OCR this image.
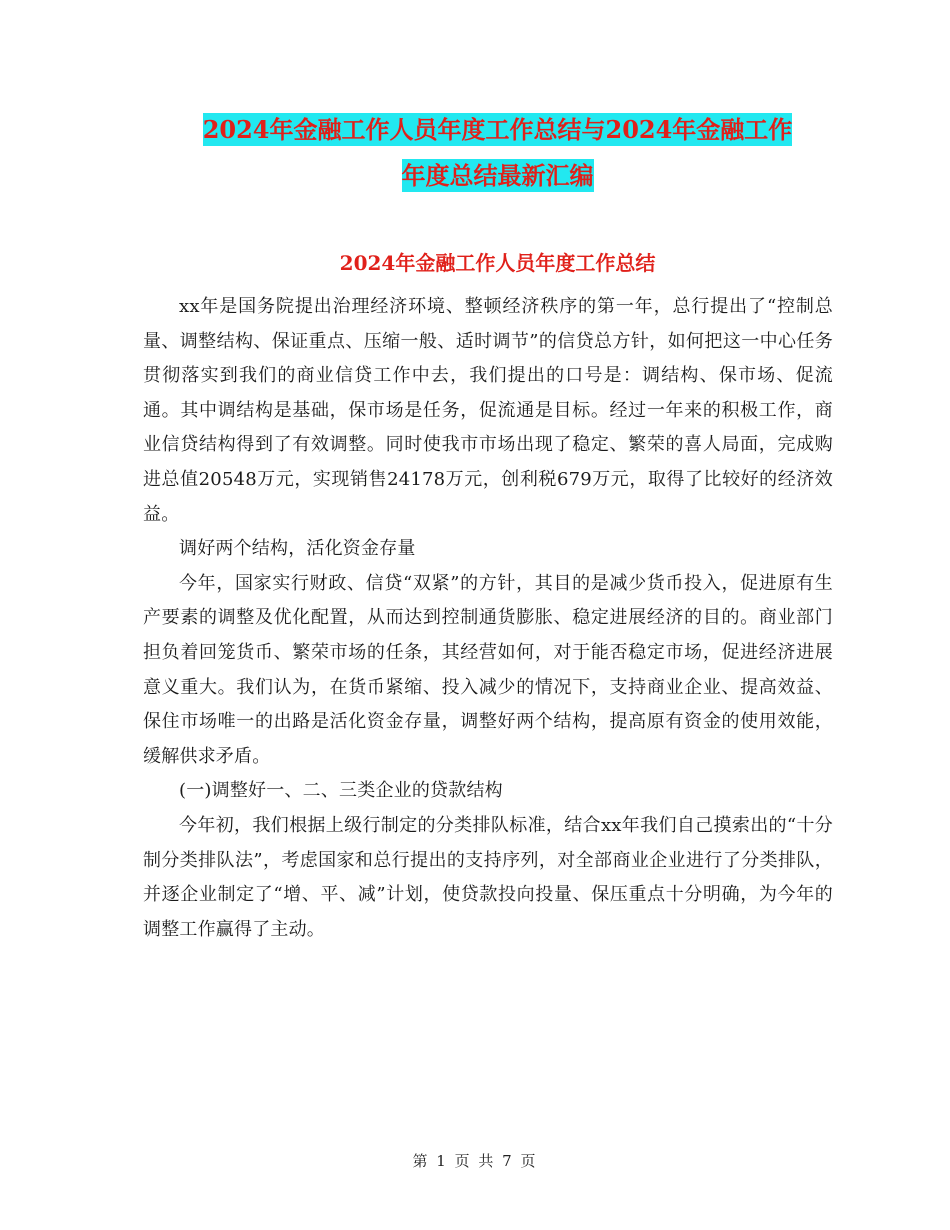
2024年金融工作人员年度工作总结与2024年金融工作
年度总结最新汇编
2024年金融工作人员年度工作总结

xx年是国务院提出治理经济环境、整顿经济秩序的第一年，总行提出了“控制总量、调整结构、保证重点、压缩一般、适时调节”的信贷总方针，如何把这一中心任务贯彻落实到我们的商业信贷工作中去，我们提出的口号是：调结构、保市场、促流通。其中调结构是基础，保市场是任务，促流通是目标。经过一年来的积极工作，商业信贷结构得到了有效调整。同时使我市市场出现了稳定、繁荣的喜人局面，完成购进总值20548万元，实现销售24178万元，创利税679万元，取得了比较好的经济效益。

调好两个结构，活化资金存量

今年，国家实行财政、信贷“双紧”的方针，其目的是减少货币投入，促进原有生产要素的调整及优化配置，从而达到控制通货膨胀、稳定进展经济的目的。商业部门担负着回笼货币、繁荣市场的任条，其经营如何，对于能否稳定市场，促进经济进展意义重大。我们认为，在货币紧缩、投入减少的情况下，支持商业企业、提高效益、保住市场唯一的出路是活化资金存量，调整好两个结构，提高原有资金的使用效能，缓解供求矛盾。

(一)调整好一、二、三类企业的贷款结构

今年初，我们根据上级行制定的分类排队标准，结合xx年我们自己摸索出的“十分制分类排队法”，考虑国家和总行提出的支持序列，对全部商业企业进行了分类排队，并逐企业制定了“增、平、减”计划，使贷款投向投量、保压重点十分明确，为今年的调整工作赢得了主动。

第 1 页 共 7 页
